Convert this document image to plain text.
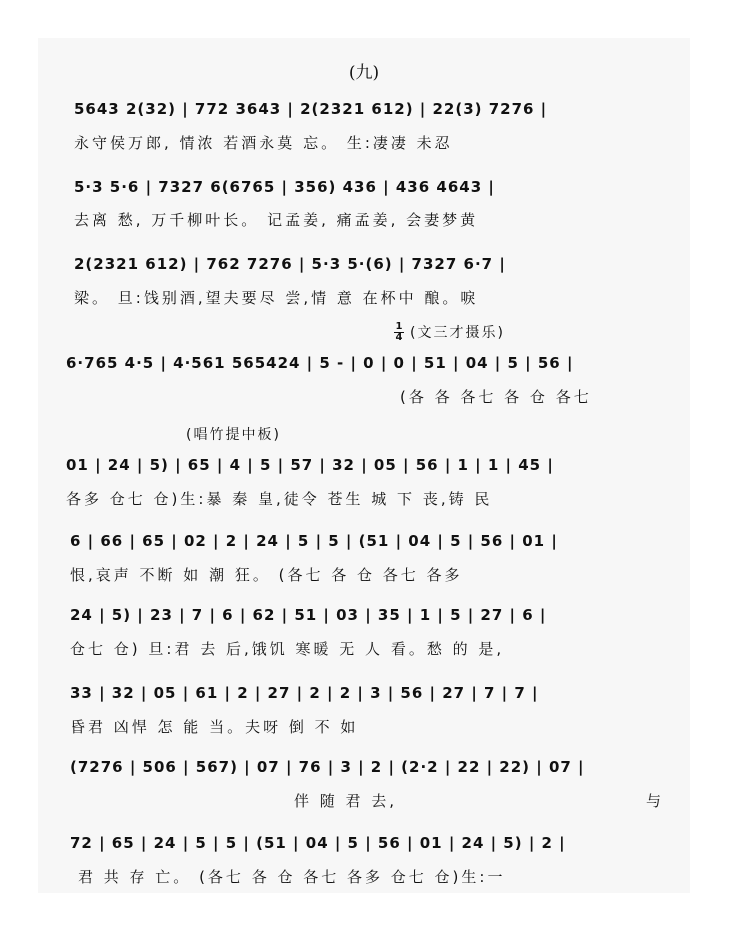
(九)
5643 2(32) | 772 3643 | 2(2321 612) | 22(3) 7276 |
永守侯万郎, 情浓 若酒永莫 忘。 生:凄凄 未忍
5·3 5·6 | 7327 6(6765 | 356) 436 | 436 4643 |
去离 愁, 万千柳叶长。 记孟姜, 痛孟姜, 会妻梦黄
2(2321 612) | 762 7276 | 5·3 5·(6) | 7327 6·7 |
梁。 旦:饯别酒,望夫要尽 尝,情 意 在杯中 酿。唳
(文三才摄乐)
1
4
6·765 4·5 | 4·561 565424 | 5 - | 0 | 0 | 51 | 04 | 5 | 56 |
(各 各 各七 各 仓 各七
(唱竹提中板)
01 | 24 | 5) | 65 | 4 | 5 | 57 | 32 | 05 | 56 | 1 | 1 | 45 |
各多 仓七 仓)生:暴 秦 皇,徒令 苍生 城 下 丧,铸 民
6 | 66 | 65 | 02 | 2 | 24 | 5 | 5 | (51 | 04 | 5 | 56 | 01 |
恨,哀声 不断 如 潮 狂。 (各七 各 仓 各七 各多
24 | 5) | 23 | 7 | 6 | 62 | 51 | 03 | 35 | 1 | 5 | 27 | 6 |
仓七 仓) 旦:君 去 后,饿饥 寒暖 无 人 看。愁 的 是,
33 | 32 | 05 | 61 | 2 | 27 | 2 | 2 | 3 | 56 | 27 | 7 | 7 |
昏君 凶悍 怎 能 当。夫呀 倒 不 如
(7276 | 506 | 567) | 07 | 76 | 3 | 2 | (2·2 | 22 | 22) | 07 |
伴 随 君 去,	与
72 | 65 | 24 | 5 | 5 | (51 | 04 | 5 | 56 | 01 | 24 | 5) | 2 |
君 共 存 亡。 (各七 各 仓 各七 各多 仓七 仓)生:一
